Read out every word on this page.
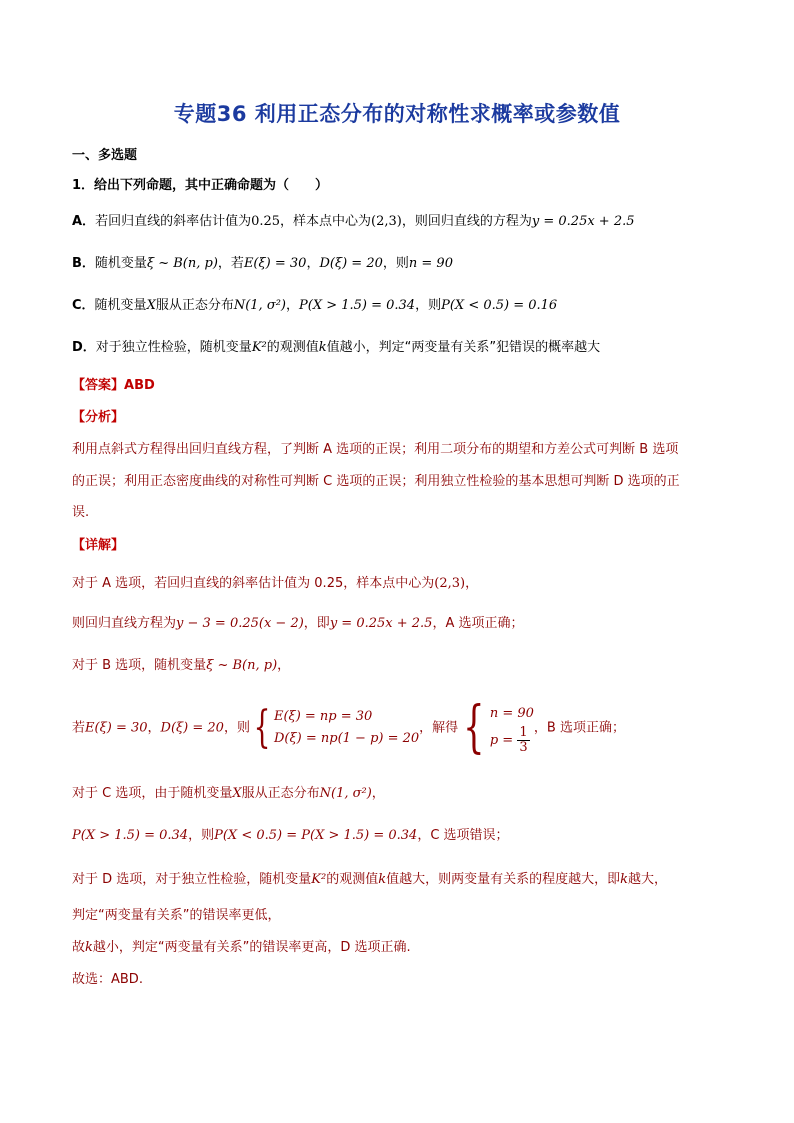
专题36 利用正态分布的对称性求概率或参数值
一、多选题
1．给出下列命题，其中正确命题为（　　）
A．若回归直线的斜率估计值为0.25，样本点中心为(2,3)，则回归直线的方程为y = 0.25x + 2.5
B．随机变量ξ ~ B(n, p)，若E(ξ) = 30，D(ξ) = 20，则n = 90
C．随机变量X服从正态分布N(1, σ²)，P(X > 1.5) = 0.34，则P(X < 0.5) = 0.16
D．对于独立性检验，随机变量K²的观测值k值越小，判定“两变量有关系”犯错误的概率越大
【答案】ABD
【分析】
利用点斜式方程得出回归直线方程，了判断 A 选项的正误；利用二项分布的期望和方差公式可判断 B 选项
的正误；利用正态密度曲线的对称性可判断 C 选项的正误；利用独立性检验的基本思想可判断 D 选项的正
误.
【详解】
对于 A 选项，若回归直线的斜率估计值为 0.25，样本点中心为(2,3)，
则回归直线方程为y − 3 = 0.25(x − 2)，即y = 0.25x + 2.5，A 选项正确；
对于 B 选项，随机变量ξ ~ B(n, p)，
若E(ξ) = 30，D(ξ) = 20，则{ E(ξ) = np = 30
D(ξ) = np(1 − p) = 20
，解得{ n = 90
$p = \frac{1}{3}$ ，B 选项正确；
对于 C 选项，由于随机变量X服从正态分布N(1, σ²)，
P(X > 1.5) = 0.34，则P(X < 0.5) = P(X > 1.5) = 0.34，C 选项错误；
对于 D 选项，对于独立性检验，随机变量K²的观测值k值越大，则两变量有关系的程度越大，即k越大，
判定“两变量有关系”的错误率更低，
故k越小，判定“两变量有关系”的错误率更高，D 选项正确.
故选：ABD.
